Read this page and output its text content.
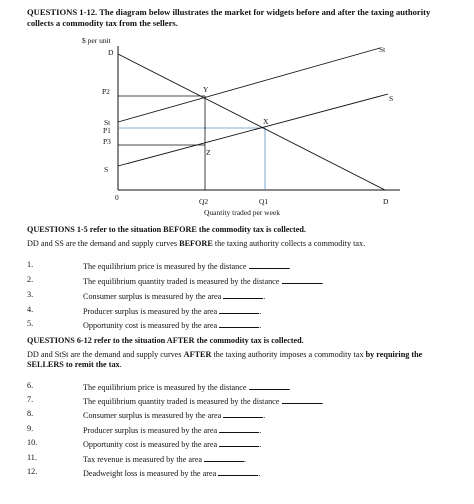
QUESTIONS 1-12. The diagram below illustrates the market for widgets before and after the taxing authority collects a commodity tax from the sellers.
$ per unit
Quantity traded per week
P2
St
P1
P3
S
0	Q2	Q1	D
D	St
S
Y
X
Z
QUESTIONS 1-5 refer to the situation BEFORE the commodity tax is collected.
DD and SS are the demand and supply curves BEFORE the taxing authority collects a commodity tax.
1.	The equilibrium price is measured by the distance	.
2.	The equilibrium quantity traded is measured by the distance	.
3.	Consumer surplus is measured by the area	.
4.	Producer surplus is measured by the area	.
5.	Opportunity cost is measured by the area	.
QUESTIONS 6-12 refer to the situation AFTER the commodity tax is collected.
DD and StSt are the demand and supply curves AFTER the taxing authority imposes a commodity tax by requiring the SELLERS to remit the tax.
6.	The equilibrium price is measured by the distance	.
7.	The equilibrium quantity traded is measured by the distance	.
8.	Consumer surplus is measured by the area	.
9.	Producer surplus is measured by the area	.
10.	Opportunity cost is measured by the area	.
11.	Tax revenue is measured by the area	.
12.	Deadweight loss is measured by the area	.
